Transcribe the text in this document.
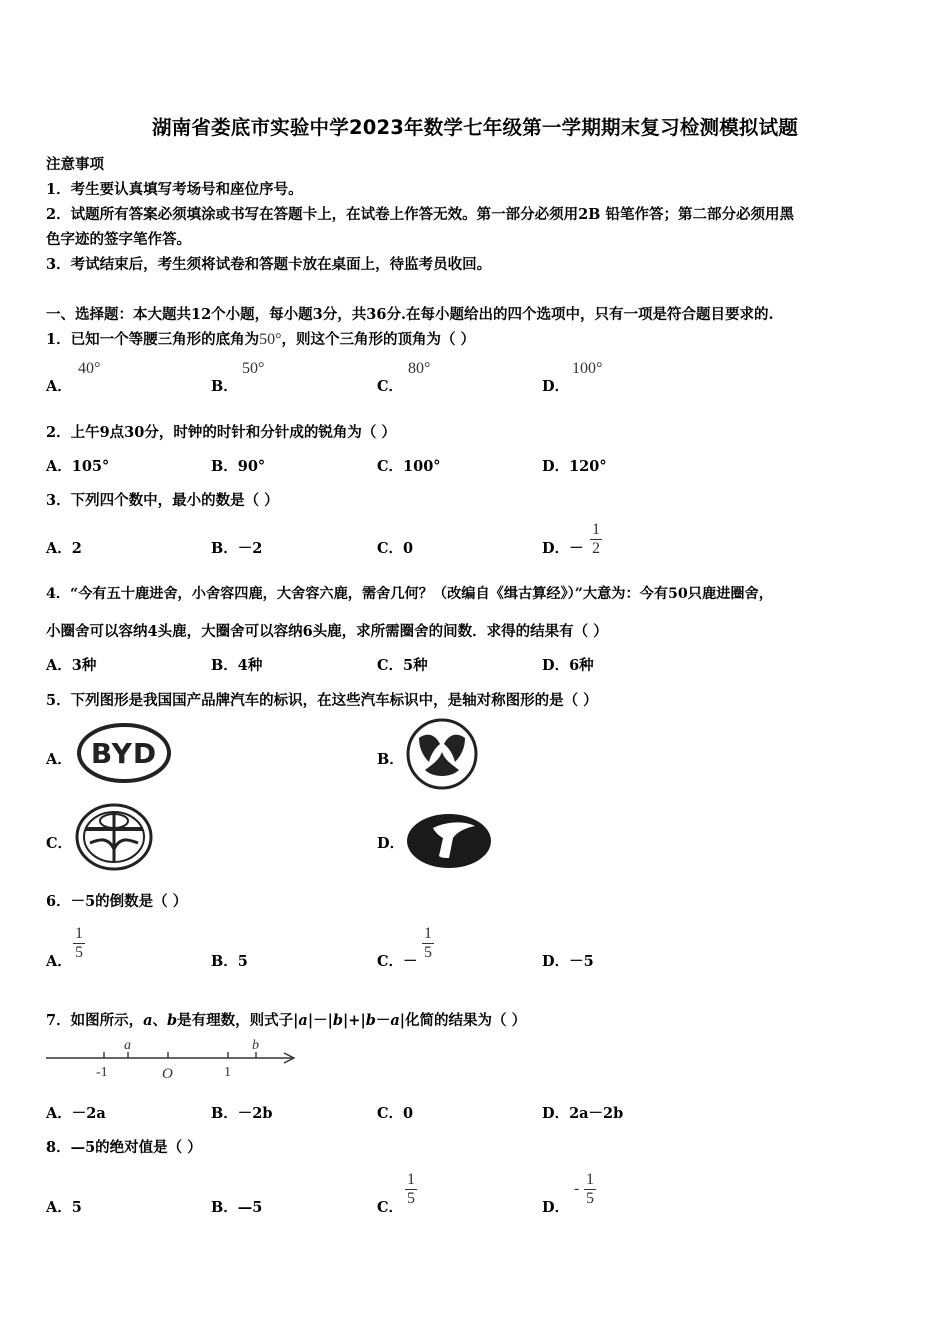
湖南省娄底市实验中学2023年数学七年级第一学期期末复习检测模拟试题
注意事项
1．考生要认真填写考场号和座位序号。
2．试题所有答案必须填涂或书写在答题卡上，在试卷上作答无效。第一部分必须用2B 铅笔作答；第二部分必须用黑
色字迹的签字笔作答。
3．考试结束后，考生须将试卷和答题卡放在桌面上，待监考员收回。
一、选择题：本大题共12个小题，每小题3分，共36分.在每小题给出的四个选项中，只有一项是符合题目要求的.
1．已知一个等腰三角形的底角为50°，则这个三角形的顶角为（ ）
A．
40°
B．
50°
C．
80°
D．
100°
2．上午9点30分，时钟的时针和分针成的锐角为（ ）
A．105°	B．90°	C．100°	D．120°
3．下列四个数中，最小的数是（ ）
A．2	B．－2	C．0	D．－ $\frac{1}{2}$
4．“今有五十鹿进舍，小舍容四鹿，大舍容六鹿，需舍几何？（改编自《缉古算经》）”大意为：今有50只鹿进圈舍，
小圈舍可以容纳4头鹿，大圈舍可以容纳6头鹿，求所需圈舍的间数．求得的结果有（ ）
A．3种	B．4种	C．5种	D．6种
5．下列图形是我国国产品牌汽车的标识，在这些汽车标识中，是轴对称图形的是（ ）
A． BYD	B．
C．	D．
6．－5的倒数是（ ）
A． $\frac{1}{5}$	B．5	C．－ $\frac{1}{5}$	D．－5
7．如图所示，a、b是有理数，则式子|a|－|b|+|b－a|化简的结果为（ ）
a	b
-1	O	1
A．－2a	B．－2b	C．0	D．2a－2b
8．—5的绝对值是（ ）
A．5	B．—5	C． $\frac{1}{5}$	D．
- $\frac{1}{5}$
